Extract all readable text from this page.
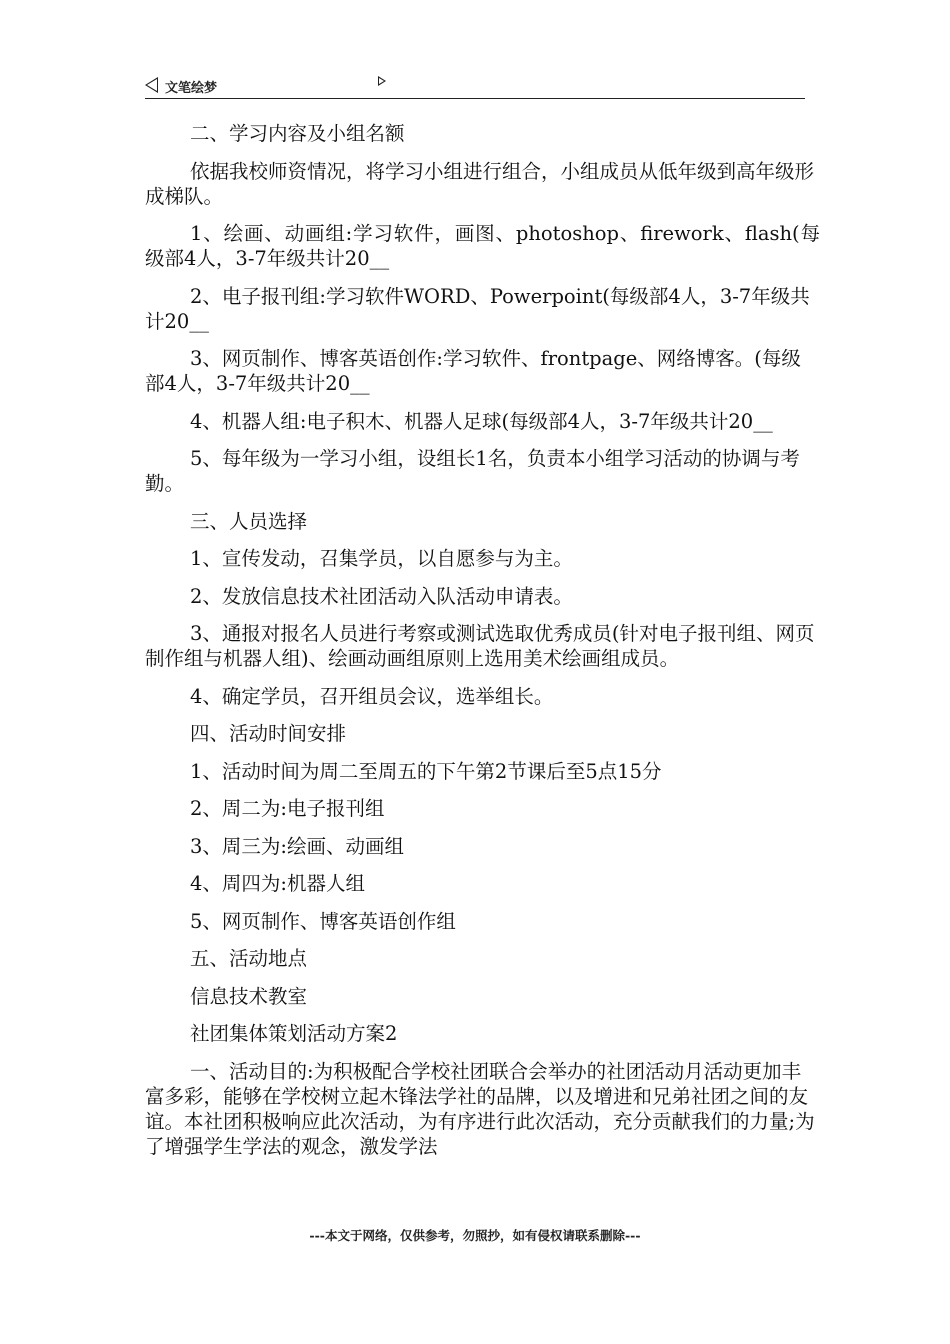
文笔绘梦

二、学习内容及小组名额

依据我校师资情况，将学习小组进行组合，小组成员从低年级到高年级形成梯队。

1、绘画、动画组:学习软件，画图、photoshop、firework、flash(每级部4人，3-7年级共计20__

2、电子报刊组:学习软件WORD、Powerpoint(每级部4人，3-7年级共计20__

3、网页制作、博客英语创作:学习软件、frontpage、网络博客。(每级部4人，3-7年级共计20__

4、机器人组:电子积木、机器人足球(每级部4人，3-7年级共计20__

5、每年级为一学习小组，设组长1名，负责本小组学习活动的协调与考勤。

三、人员选择

1、宣传发动，召集学员，以自愿参与为主。

2、发放信息技术社团活动入队活动申请表。

3、通报对报名人员进行考察或测试选取优秀成员(针对电子报刊组、网页制作组与机器人组)、绘画动画组原则上选用美术绘画组成员。

4、确定学员，召开组员会议，选举组长。

四、活动时间安排

1、活动时间为周二至周五的下午第2节课后至5点15分

2、周二为:电子报刊组

3、周三为:绘画、动画组

4、周四为:机器人组

5、网页制作、博客英语创作组

五、活动地点

信息技术教室

社团集体策划活动方案2

一、活动目的:为积极配合学校社团联合会举办的社团活动月活动更加丰富多彩，能够在学校树立起木锋法学社的品牌，以及增进和兄弟社团之间的友谊。本社团积极响应此次活动，为有序进行此次活动，充分贡献我们的力量;为了增强学生学法的观念，激发学法

---本文于网络，仅供参考，勿照抄，如有侵权请联系删除---
